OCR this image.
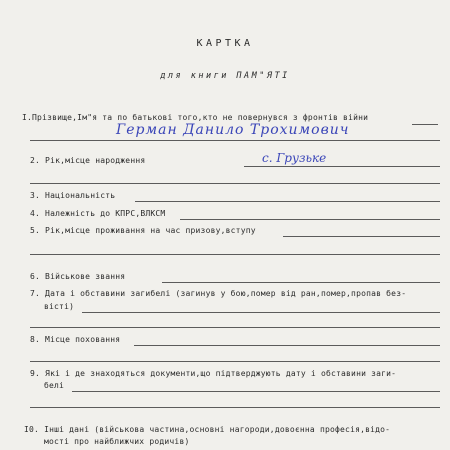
КАРТКА
для книги ПАМ"ЯТІ
I.Прізвище,Ім"я та по батькові того,кто не повернувся з фронтів війни
Герман Данило Трохимович
2. Рік,місце народження	с. Грузьке
3. Національність
4. Належність до КПРС,ВЛКСМ
5. Рік,місце проживання на час призову,вступу
6. Військове звання
7. Дата і обставини загибелі (загинув у бою,помер від ран,помер,пропав без-
вісті)
8. Місце поховання
9. Які і де знаходяться документи,що підтверджують дату і обставини заги-
белі
I0. Інші дані (військова частина,основні нагороди,довоєнна професія,відо-
мості про найближчих родичів)
